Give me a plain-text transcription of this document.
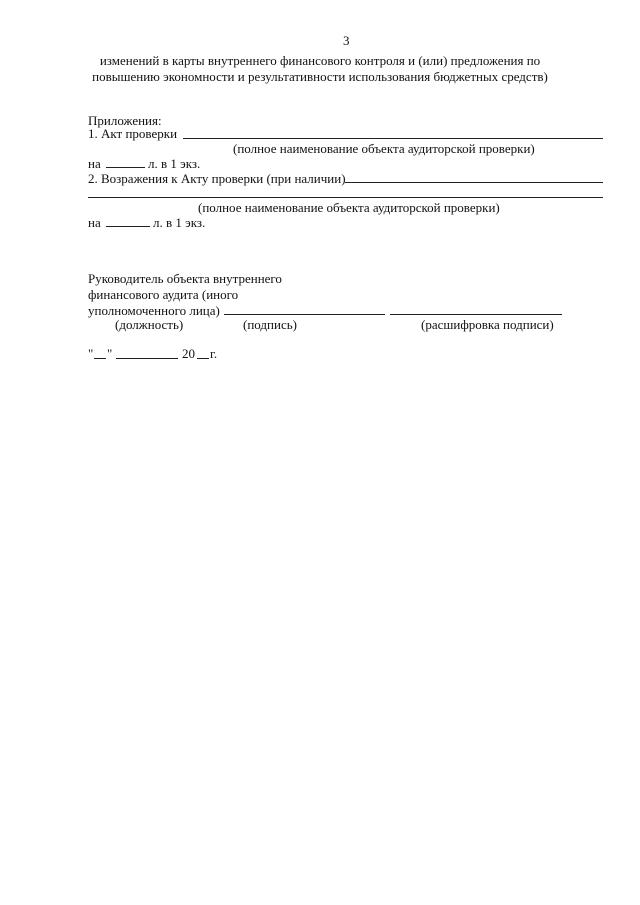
3
изменений в карты внутреннего финансового контроля и (или) предложения по
повышению экономности и результативности использования бюджетных средств)
Приложения:
1. Акт проверки
(полное наименование объекта аудиторской проверки)
на	л. в 1 экз.
2. Возражения к Акту проверки (при наличии)
(полное наименование объекта аудиторской проверки)
на	л. в 1 экз.
Руководитель объекта внутреннего
финансового аудита (иного
уполномоченного лица)
(должность)	(подпись)	(расшифровка подписи)
" "	20 г.
